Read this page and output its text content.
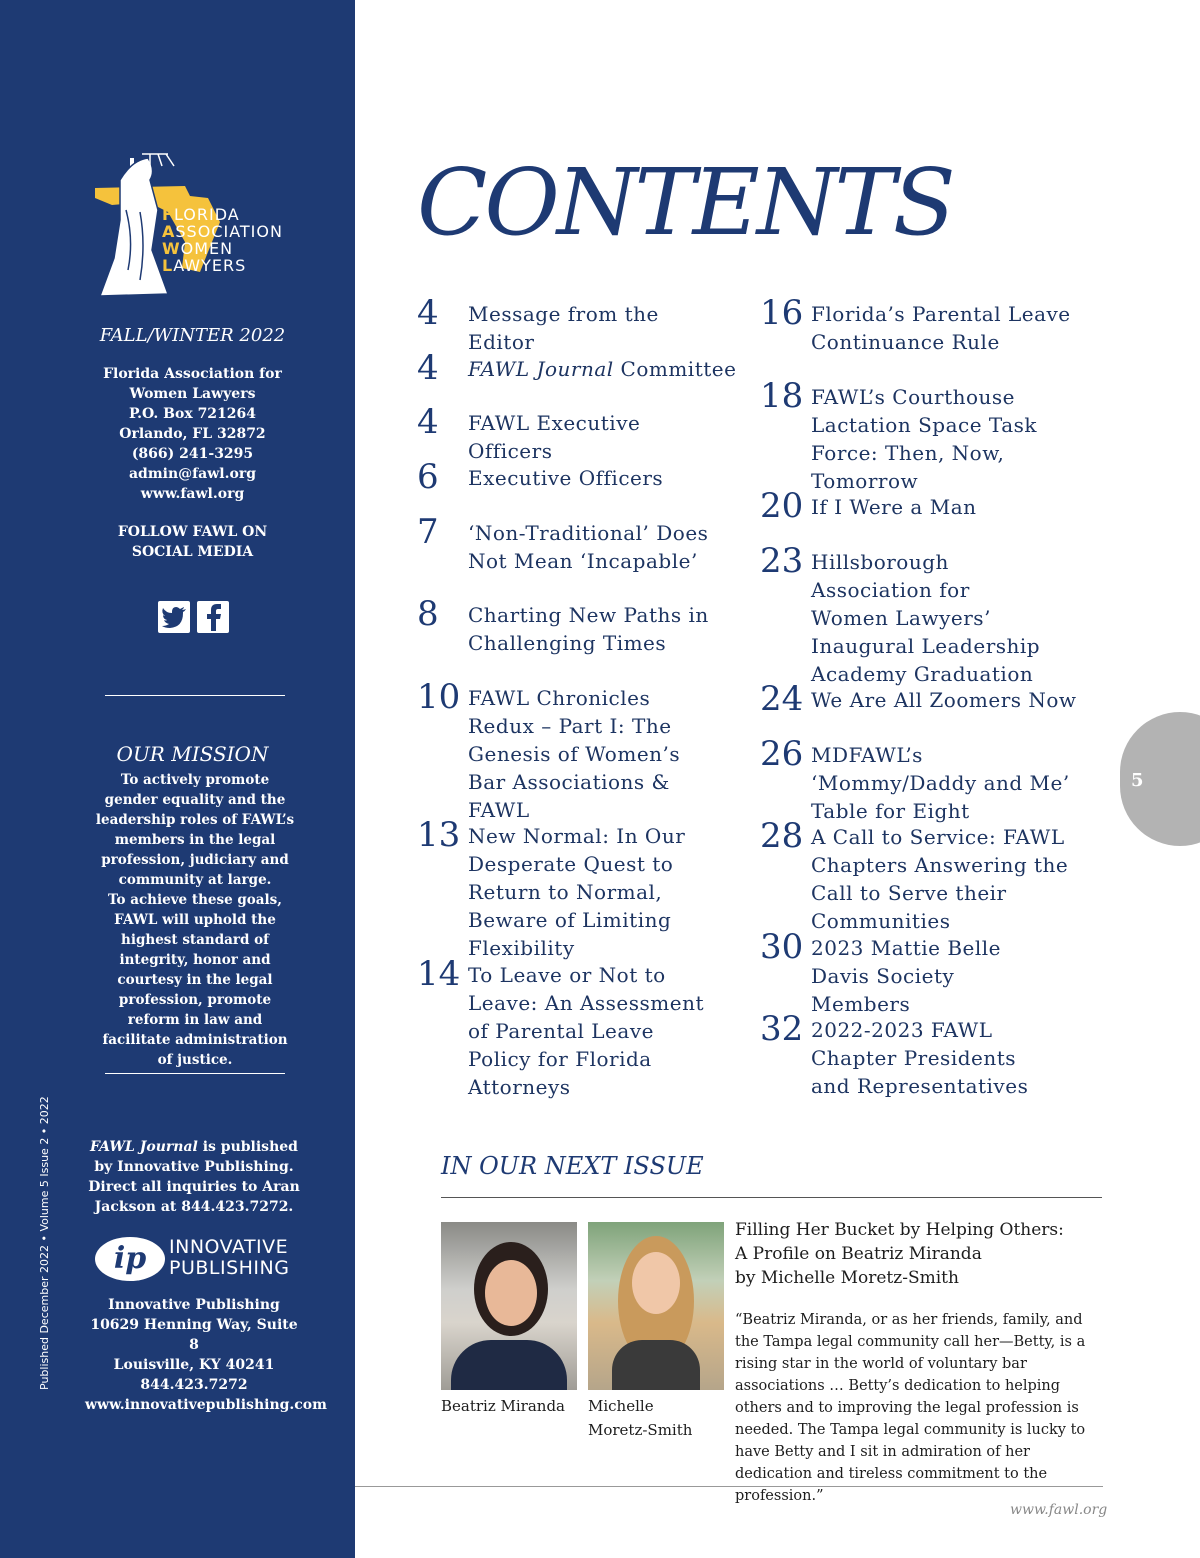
FLORIDA
ASSOCIATION
WOMEN
LAWYERS
FALL/WINTER 2022
Florida Association for
Women Lawyers
P.O. Box 721264
Orlando, FL 32872
(866) 241-3295
admin@fawl.org
www.fawl.org
FOLLOW FAWL ON
SOCIAL MEDIA
OUR MISSION
To actively promote gender equality and the leadership roles of FAWL’s members in the legal profession, judiciary and community at large.
To achieve these goals, FAWL will uphold the highest standard of integrity, honor and courtesy in the legal profession, promote reform in law and facilitate administration of justice.
Published December 2022 • Volume 5 Issue 2 • 2022	FAWL Journal is published by Innovative Publishing. Direct all inquiries to Aran Jackson at 844.423.7272.
ip	INNOVATIVE
PUBLISHING
Innovative Publishing
10629 Henning Way, Suite 8
Louisville, KY 40241
844.423.7272
www.innovativepublishing.com
CONTENTS
4	Message from the Editor
4	FAWL Journal Committee
4	FAWL Executive Officers
6	Executive Officers
7	‘Non-Traditional’ Does Not Mean ‘Incapable’
8	Charting New Paths in Challenging Times
10 FAWL Chronicles Redux – Part I: The Genesis of Women’s Bar Associations & FAWL
13 New Normal: In Our Desperate Quest to Return to Normal, Beware of Limiting Flexibility
14 To Leave or Not to Leave: An Assessment of Parental Leave Policy for Florida Attorneys
16 Florida’s Parental Leave Continuance Rule
18 FAWL’s Courthouse Lactation Space Task Force: Then, Now, Tomorrow
20 If I Were a Man
23 Hillsborough Association for Women Lawyers’ Inaugural Leadership Academy Graduation
24 We Are All Zoomers Now
26 MDFAWL’s ‘Mommy/Daddy and Me’ Table for Eight
28 A Call to Service: FAWL Chapters Answering the Call to Serve their Communities
30 2023 Mattie Belle Davis Society Members
32 2022-2023 FAWL Chapter Presidents and Representatives
5
IN OUR NEXT ISSUE
Beatriz Miranda	Michelle Moretz-Smith
Filling Her Bucket by Helping Others:
A Profile on Beatriz Miranda
by Michelle Moretz-Smith
“Beatriz Miranda, or as her friends, family, and the Tampa legal community call her—Betty, is a rising star in the world of voluntary bar associations … Betty’s dedication to helping others and to improving the legal profession is needed. The Tampa legal community is lucky to have Betty and I sit in admiration of her dedication and tireless commitment to the profession.”
www.fawl.org
